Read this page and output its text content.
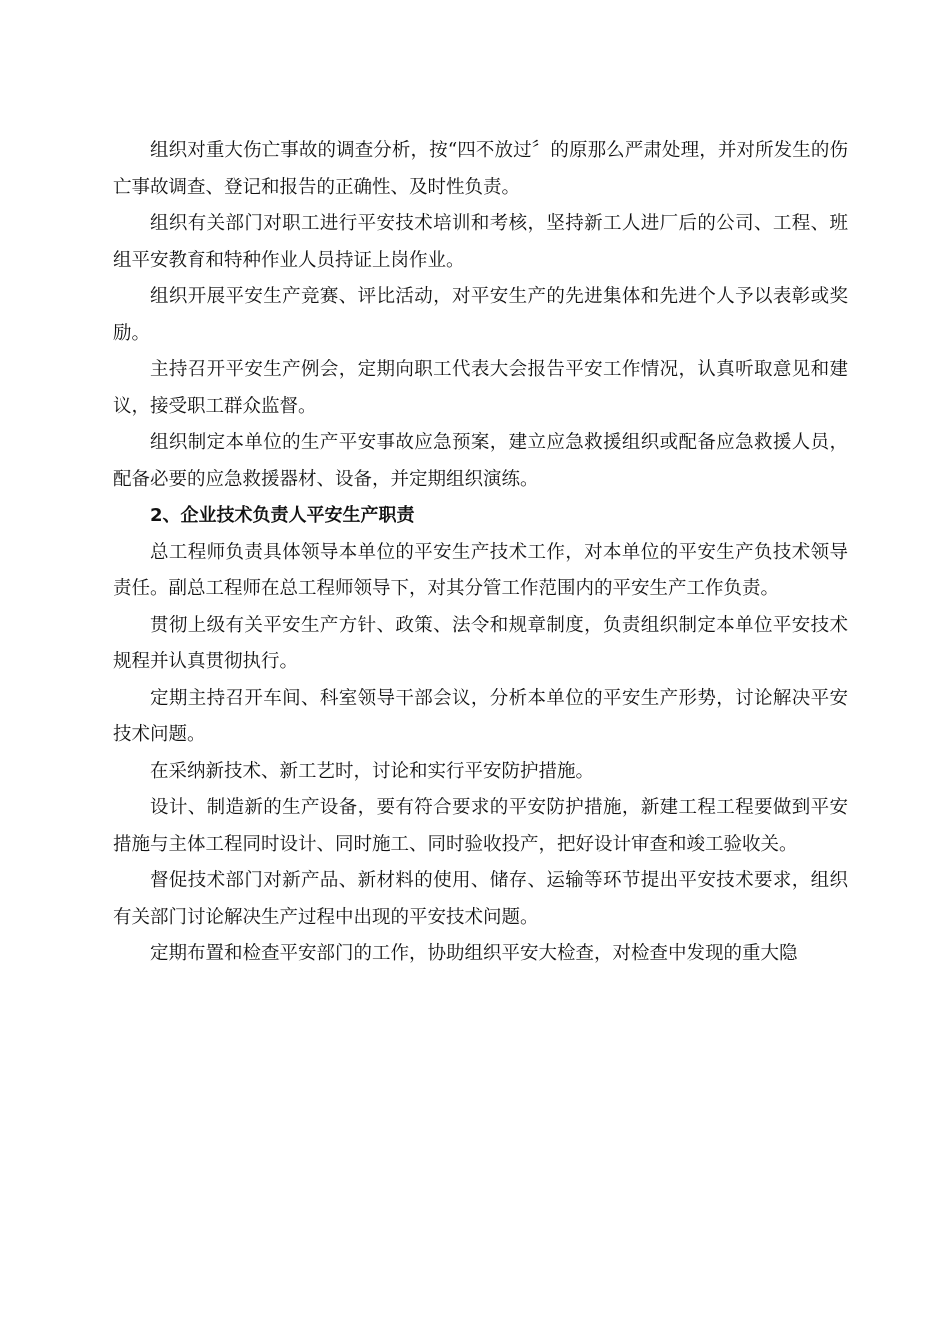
组织对重大伤亡事故的调查分析，按“四不放过〞的原那么严肃处理，并对所发生的伤亡事故调查、登记和报告的正确性、及时性负责。

组织有关部门对职工进行平安技术培训和考核，坚持新工人进厂后的公司、工程、班组平安教育和特种作业人员持证上岗作业。

组织开展平安生产竞赛、评比活动，对平安生产的先进集体和先进个人予以表彰或奖励。

主持召开平安生产例会，定期向职工代表大会报告平安工作情况，认真听取意见和建议，接受职工群众监督。

组织制定本单位的生产平安事故应急预案，建立应急救援组织或配备应急救援人员，配备必要的应急救援器材、设备，并定期组织演练。

2、企业技术负责人平安生产职责

总工程师负责具体领导本单位的平安生产技术工作，对本单位的平安生产负技术领导责任。副总工程师在总工程师领导下，对其分管工作范围内的平安生产工作负责。

贯彻上级有关平安生产方针、政策、法令和规章制度，负责组织制定本单位平安技术规程并认真贯彻执行。

定期主持召开车间、科室领导干部会议，分析本单位的平安生产形势，讨论解决平安技术问题。

在采纳新技术、新工艺时，讨论和实行平安防护措施。

设计、制造新的生产设备，要有符合要求的平安防护措施，新建工程工程要做到平安措施与主体工程同时设计、同时施工、同时验收投产，把好设计审查和竣工验收关。

督促技术部门对新产品、新材料的使用、储存、运输等环节提出平安技术要求，组织有关部门讨论解决生产过程中出现的平安技术问题。

定期布置和检查平安部门的工作，协助组织平安大检查，对检查中发现的重大隐
